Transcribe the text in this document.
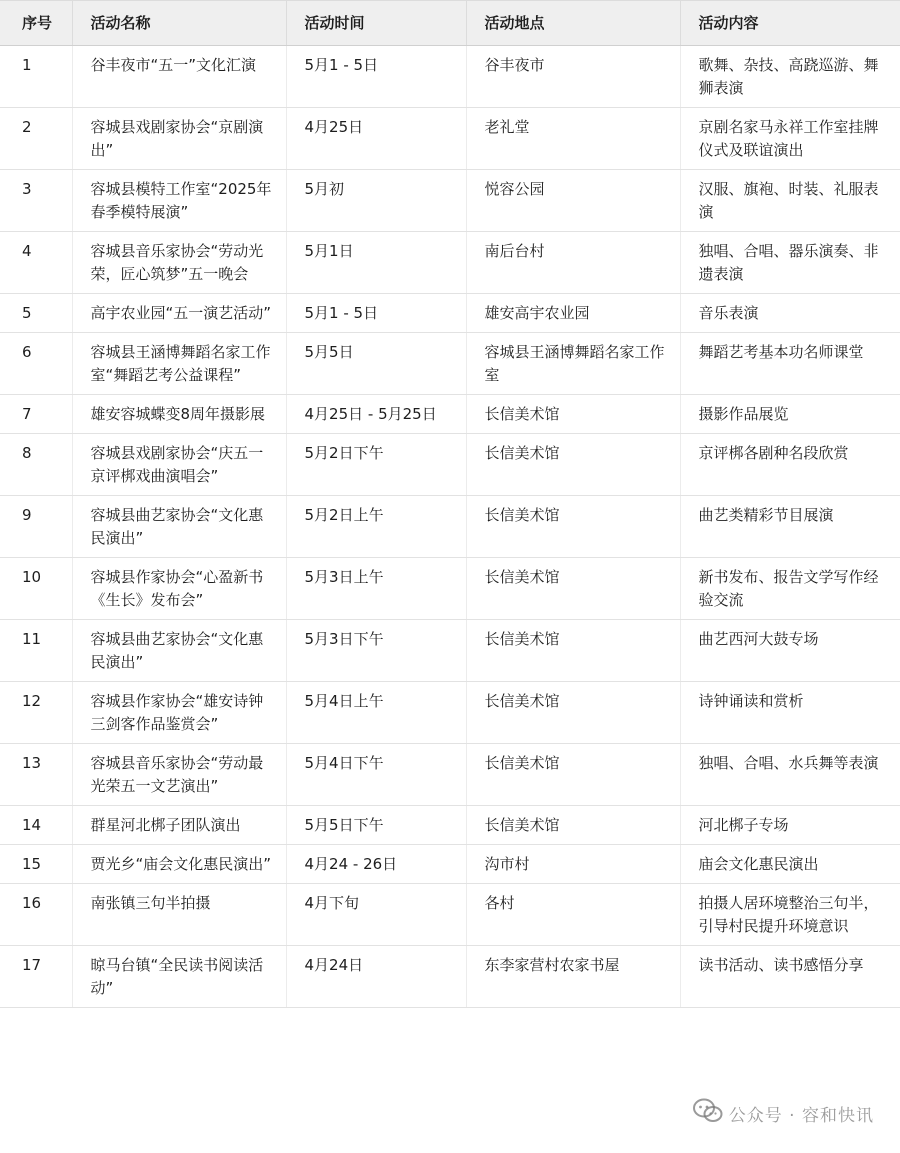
序号	活动名称	活动时间	活动地点	活动内容
1	谷丰夜市“五一”文化汇演	5月1 - 5日	谷丰夜市	歌舞、杂技、高跷巡游、舞狮表演
2	容城县戏剧家协会“京剧演出”	4月25日	老礼堂	京剧名家马永祥工作室挂牌仪式及联谊演出
3	容城县模特工作室“2025年春季模特展演”	5月初	悦容公园	汉服、旗袍、时装、礼服表演
4	容城县音乐家协会“劳动光荣，匠心筑梦”五一晚会	5月1日	南后台村	独唱、合唱、器乐演奏、非遗表演
5	高宇农业园“五一演艺活动”	5月1 - 5日	雄安高宇农业园	音乐表演
6	容城县王涵博舞蹈名家工作室“舞蹈艺考公益课程”	5月5日	容城县王涵博舞蹈名家工作室	舞蹈艺考基本功名师课堂
7	雄安容城蝶变8周年摄影展	4月25日 - 5月25日	长信美术馆	摄影作品展览
8	容城县戏剧家协会“庆五一京评梆戏曲演唱会”	5月2日下午	长信美术馆	京评梆各剧种名段欣赏
9	容城县曲艺家协会“文化惠民演出”	5月2日上午	长信美术馆	曲艺类精彩节目展演
10	容城县作家协会“心盈新书《生长》发布会”	5月3日上午	长信美术馆	新书发布、报告文学写作经验交流
11	容城县曲艺家协会“文化惠民演出”	5月3日下午	长信美术馆	曲艺西河大鼓专场
12	容城县作家协会“雄安诗钟三剑客作品鉴赏会”	5月4日上午	长信美术馆	诗钟诵读和赏析
13	容城县音乐家协会“劳动最光荣五一文艺演出”	5月4日下午	长信美术馆	独唱、合唱、水兵舞等表演
14	群星河北梆子团队演出	5月5日下午	长信美术馆	河北梆子专场
15	贾光乡“庙会文化惠民演出”	4月24 - 26日	沟市村	庙会文化惠民演出
16	南张镇三句半拍摄	4月下旬	各村	拍摄人居环境整治三句半，引导村民提升环境意识
17	晾马台镇“全民读书阅读活动”	4月24日	东李家营村农家书屋	读书活动、读书感悟分享
公众号 · 容和快讯
